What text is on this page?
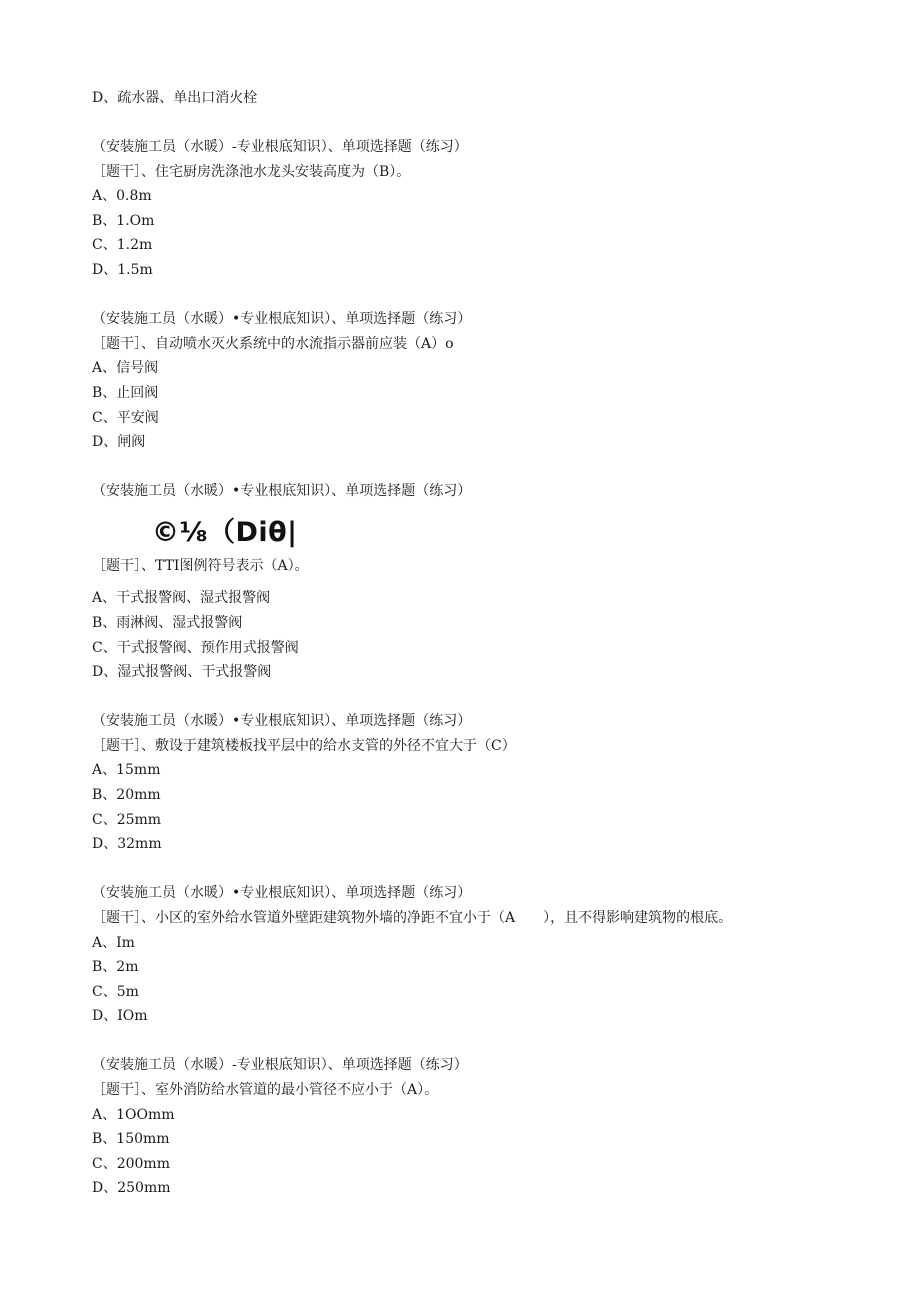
D、疏水器、单出口消火栓
（安装施工员（水暖）-专业根底知识）、单项选择题（练习）
［题干］、住宅厨房洗涤池水龙头安装高度为（B）。
A、0.8m
B、1.Om
C、1.2m
D、1.5m
（安装施工员（水暖）•专业根底知识）、单项选择题（练习）
［题干］、自动喷水灭火系统中的水流指示器前应装（A）o
A、信号阀
B、止回阀
C、平安阀
D、闸阀
（安装施工员（水暖）•专业根底知识）、单项选择题（练习）
©⅛（Diθ|
［题干］、TTI图例符号表示（A）。
A、干式报警阀、湿式报警阀
B、雨淋阀、湿式报警阀
C、干式报警阀、预作用式报警阀
D、湿式报警阀、干式报警阀
（安装施工员（水暖）•专业根底知识）、单项选择题（练习）
［题干］、敷设于建筑楼板找平层中的给水支管的外径不宜大于（C）
A、15mm
B、20mm
C、25mm
D、32mm
（安装施工员（水暖）•专业根底知识）、单项选择题（练习）
［题干］、小区的室外给水管道外壁距建筑物外墙的净距不宜小于（A　　），且不得影响建筑物的根底。
A、Im
B、2m
C、5m
D、IOm
（安装施工员（水暖）-专业根底知识）、单项选择题（练习）
［题干］、室外消防给水管道的最小管径不应小于（A）。
A、1OOmm
B、150mm
C、200mm
D、250mm
